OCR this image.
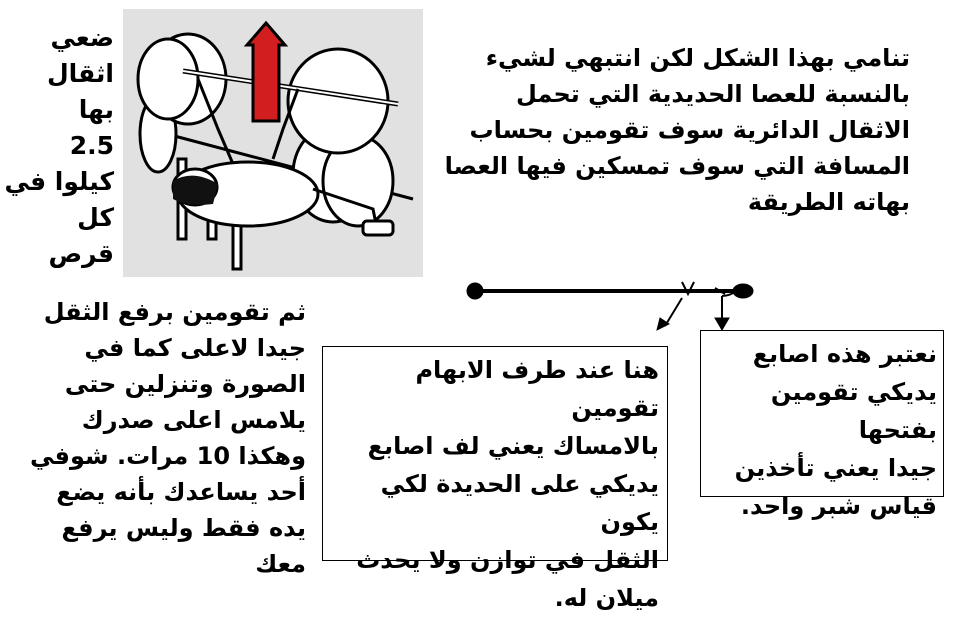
ضعي
اثقال بها
2.5
كيلوا في
كل قرص
تنامي بهذا الشكل لكن انتبهي لشيء
بالنسبة للعصا الحديدية التي تحمل
الاثقال الدائرية سوف تقومين بحساب
المسافة التي سوف تمسكين فيها العصا
بهاته الطريقة
ثم تقومين برفع الثقل
جيدا لاعلى كما في
الصورة وتنزلين حتى
يلامس اعلى صدرك
وهكذا 10 مرات. شوفي
أحد يساعدك بأنه يضع
يده فقط وليس يرفع معك
هنا عند طرف الابهام تقومين
بالامساك يعني لف اصابع
يديكي على الحديدة لكي يكون
الثقل في توازن ولا يحدث
ميلان له.
نعتبر هذه اصابع
يديكي تقومين بفتحها
جيدا يعني تأخذين
قياس شبر واحد.
